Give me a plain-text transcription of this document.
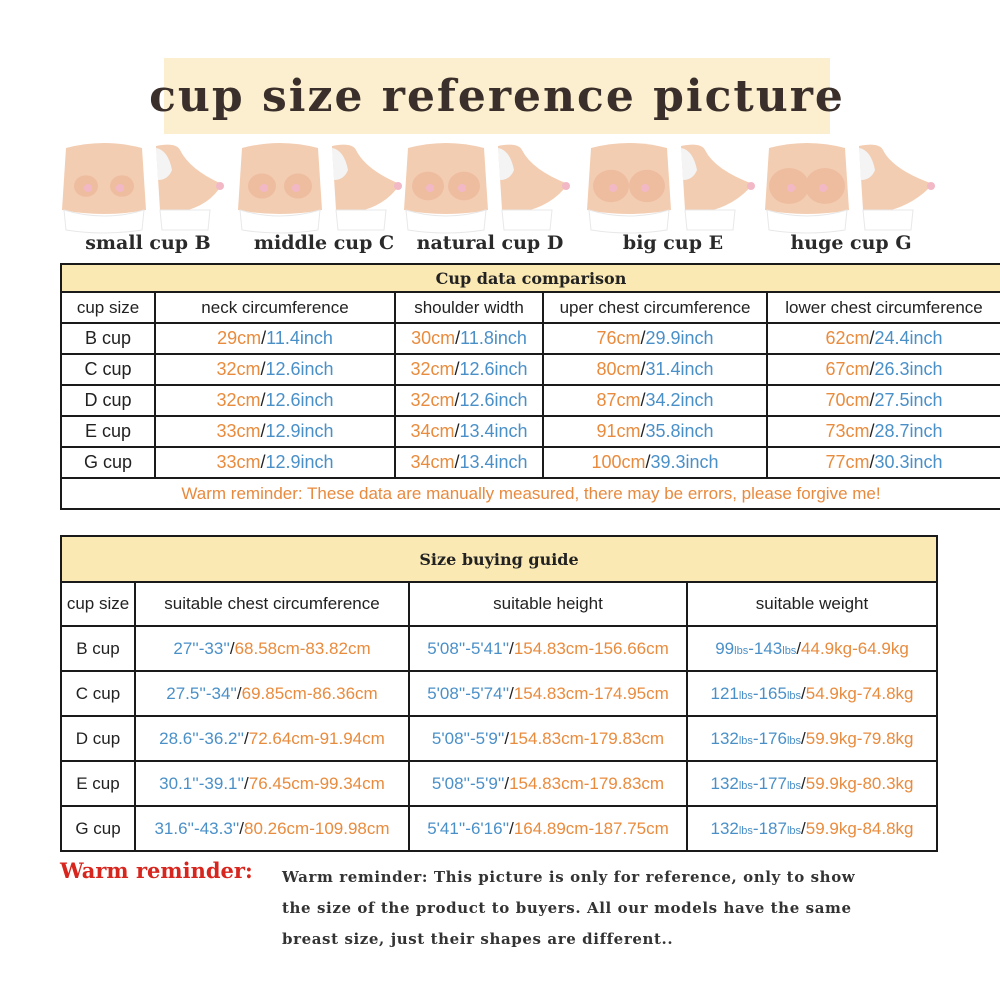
cup size reference picture
small cup B	middle cup C	natural cup D	big cup E	huge cup G
Cup data comparison				
cup size	neck circumference	shoulder width	uper chest circumference	lower chest circumference
B cup	29cm/11.4inch	30cm/11.8inch	76cm/29.9inch	62cm/24.4inch
C cup	32cm/12.6inch	32cm/12.6inch	80cm/31.4inch	67cm/26.3inch
D cup	32cm/12.6inch	32cm/12.6inch	87cm/34.2inch	70cm/27.5inch
E cup	33cm/12.9inch	34cm/13.4inch	91cm/35.8inch	73cm/28.7inch
G cup	33cm/12.9inch	34cm/13.4inch	100cm/39.3inch	77cm/30.3inch
Warm reminder: These data are manually measured, there may be errors, please forgive me!				
Size buying guide			
cup size	suitable chest circumference	suitable height	suitable weight
B cup	27''-33''/68.58cm-83.82cm	5'08''-5'41''/154.83cm-156.66cm	99lbs-143lbs/44.9kg-64.9kg
C cup	27.5''-34''/69.85cm-86.36cm	5'08''-5'74''/154.83cm-174.95cm	121lbs-165lbs/54.9kg-74.8kg
D cup	28.6''-36.2''/72.64cm-91.94cm	5'08''-5'9''/154.83cm-179.83cm	132lbs-176lbs/59.9kg-79.8kg
E cup	30.1''-39.1''/76.45cm-99.34cm	5'08''-5'9''/154.83cm-179.83cm	132lbs-177lbs/59.9kg-80.3kg
G cup	31.6''-43.3''/80.26cm-109.98cm	5'41''-6'16''/164.89cm-187.75cm	132lbs-187lbs/59.9kg-84.8kg
Warm reminder: Warm reminder: This picture is only for reference, only to show
the size of the product to buyers. All our models have the same
breast size, just their shapes are different..
